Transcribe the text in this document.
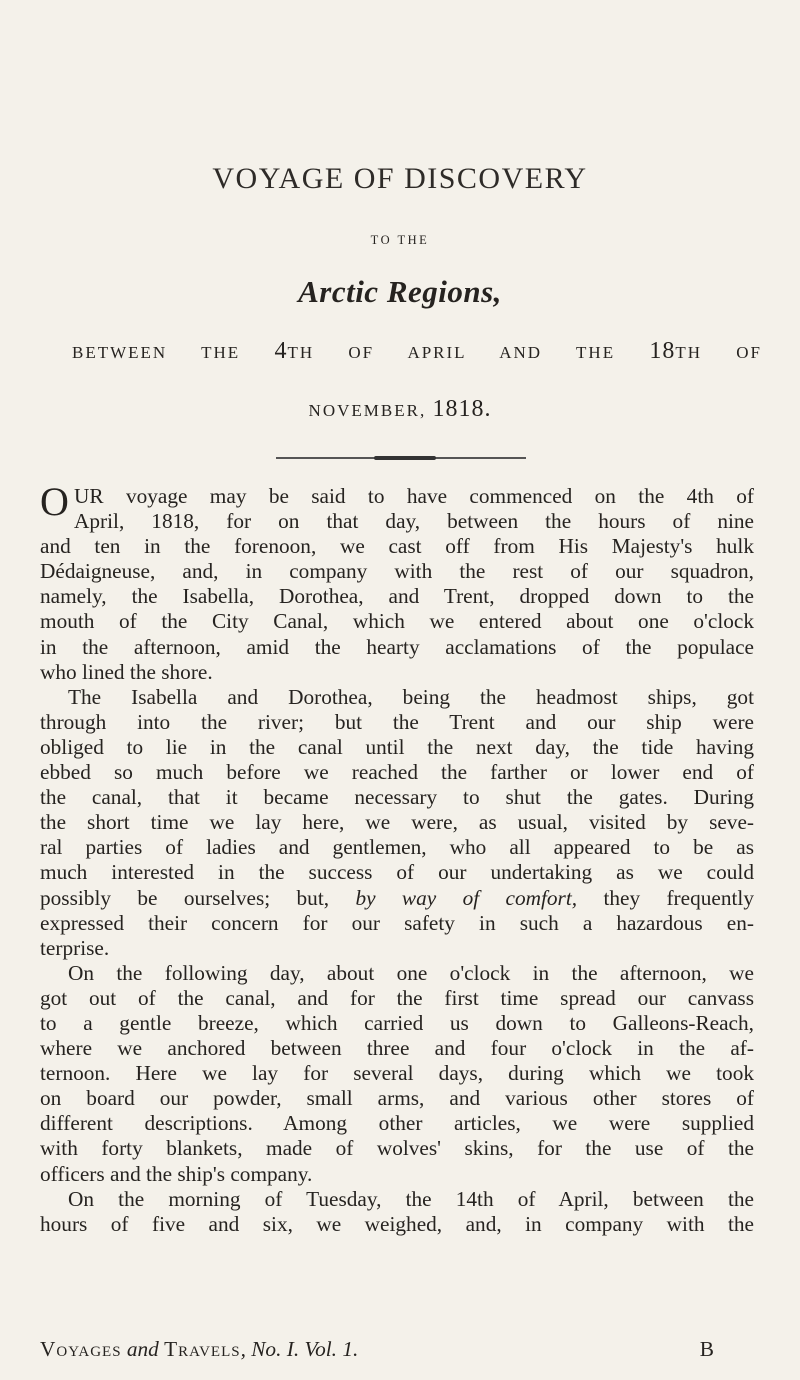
VOYAGE OF DISCOVERY
TO THE
Arctic Regions,
BETWEEN THE 4TH OF APRIL AND THE 18TH OF
NOVEMBER, 1818.
O UR voyage may be said to have commenced on the 4th of
April, 1818, for on that day, between the hours of nine
and ten in the forenoon, we cast off from His Majesty's hulk
Dédaigneuse, and, in company with the rest of our squadron,
namely, the Isabella, Dorothea, and Trent, dropped down to the
mouth of the City Canal, which we entered about one o'clock
in the afternoon, amid the hearty acclamations of the populace
who lined the shore.
The Isabella and Dorothea, being the headmost ships, got
through into the river; but the Trent and our ship were
obliged to lie in the canal until the next day, the tide having
ebbed so much before we reached the farther or lower end of
the canal, that it became necessary to shut the gates. During
the short time we lay here, we were, as usual, visited by seve-
ral parties of ladies and gentlemen, who all appeared to be as
much interested in the success of our undertaking as we could
possibly be ourselves; but, by way of comfort, they frequently
expressed their concern for our safety in such a hazardous en-
terprise.
On the following day, about one o'clock in the afternoon, we
got out of the canal, and for the first time spread our canvass
to a gentle breeze, which carried us down to Galleons-Reach,
where we anchored between three and four o'clock in the af-
ternoon. Here we lay for several days, during which we took
on board our powder, small arms, and various other stores of
different descriptions. Among other articles, we were supplied
with forty blankets, made of wolves' skins, for the use of the
officers and the ship's company.
On the morning of Tuesday, the 14th of April, between the
hours of five and six, we weighed, and, in company with the
Voyages and Travels, No. I. Vol. 1.	B
